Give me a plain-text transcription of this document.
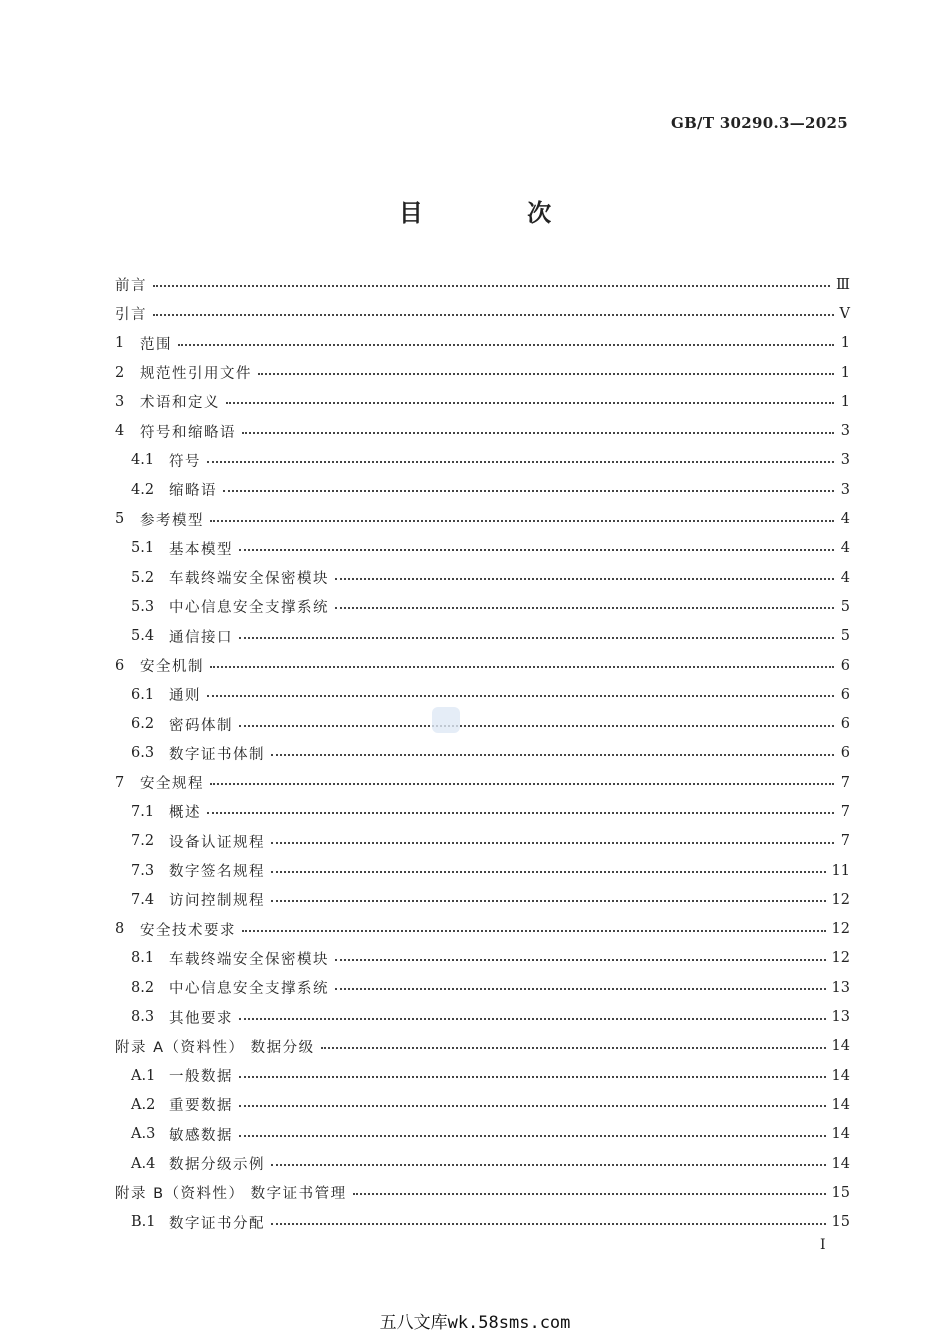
GB/T 30290.3—2025
目 次
前言	Ⅲ
引言	Ⅴ
1	范围	1
2	规范性引用文件	1
3	术语和定义	1
4	符号和缩略语	3
4.1	符号	3
4.2	缩略语	3
5	参考模型	4
5.1	基本模型	4
5.2	车载终端安全保密模块	4
5.3	中心信息安全支撑系统	5
5.4	通信接口	5
6	安全机制	6
6.1	通则	6
6.2	密码体制	6
6.3	数字证书体制	6
7	安全规程	7
7.1	概述	7
7.2	设备认证规程	7
7.3	数字签名规程	11
7.4	访问控制规程	12
8	安全技术要求	12
8.1	车载终端安全保密模块	12
8.2	中心信息安全支撑系统	13
8.3	其他要求	13
附录 A（资料性） 数据分级	14
A.1 一般数据	14
A.2 重要数据	14
A.3 敏感数据	14
A.4 数据分级示例	14
附录 B（资料性） 数字证书管理	15
B.1 数字证书分配	15
I
五八文库wk.58sms.com
